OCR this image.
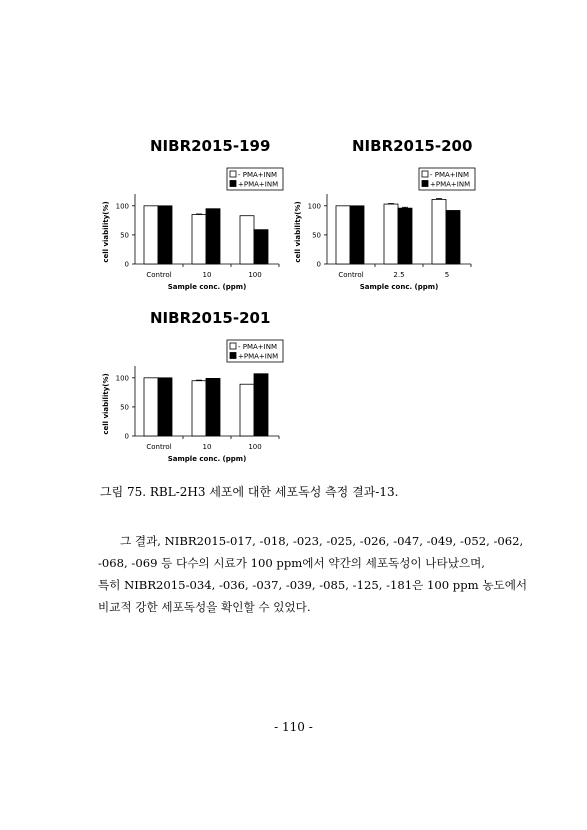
NIBR2015-199
- PMA+INM
+PMA+INM
0
50
100
Control	10	100
Sample conc. (ppm)
cell viability(%)
NIBR2015-200
- PMA+INM
+PMA+INM
0
50
100
Control	2.5	5
Sample conc. (ppm)
cell viability(%)
NIBR2015-201
- PMA+INM
+PMA+INM
0
50
100
Control	10	100
Sample conc. (ppm)
cell viability(%)
그림 75. RBL-2H3 세포에 대한 세포독성 측정 결과-13.

그 결과, NIBR2015-017, -018, -023, -025, -026, -047, -049, -052, -062,

-068, -069 등 다수의 시료가 100 ppm에서 약간의 세포독성이 나타났으며,

특히 NIBR2015-034, -036, -037, -039, -085, -125, -181은 100 ppm 농도에서

비교적 강한 세포독성을 확인할 수 있었다.

- 110 -
